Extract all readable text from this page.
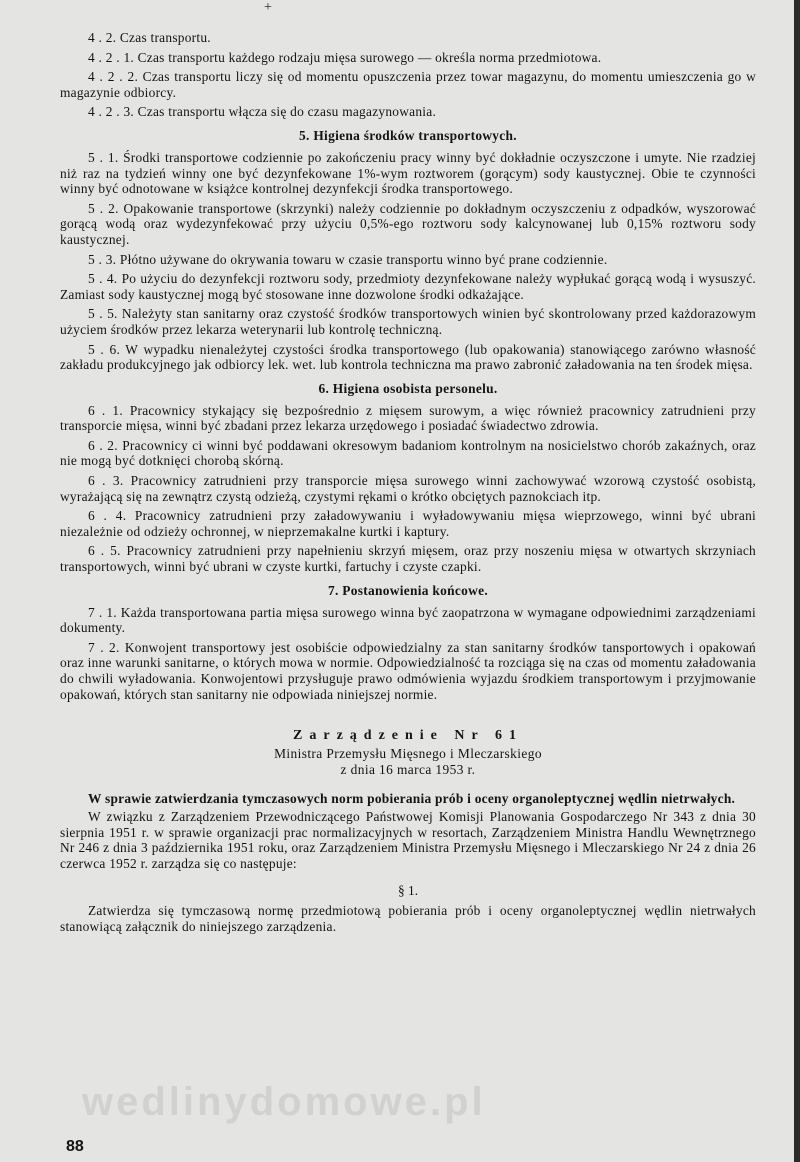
+
wedlinydomowe.pl

4 . 2. Czas transportu.

4 . 2 . 1. Czas transportu każdego rodzaju mięsa surowego — określa norma przedmiotowa.

4 . 2 . 2. Czas transportu liczy się od momentu opuszczenia przez towar magazynu, do momentu umieszczenia go w magazynie odbiorcy.

4 . 2 . 3. Czas transportu włącza się do czasu magazynowania.

5. Higiena środków transportowych.

5 . 1. Środki transportowe codziennie po zakończeniu pracy winny być dokładnie oczyszczone i umyte. Nie rzadziej niż raz na tydzień winny one być dezynfekowane 1%-wym roztworem (gorącym) sody kaustycznej. Obie te czynności winny być odnotowane w książce kontrolnej dezynfekcji środka transportowego.

5 . 2. Opakowanie transportowe (skrzynki) należy codziennie po dokładnym oczyszczeniu z odpadków, wyszorować gorącą wodą oraz wydezynfekować przy użyciu 0,5%-ego roztworu sody kalcynowanej lub 0,15% roztworu sody kaustycznej.

5 . 3. Płótno używane do okrywania towaru w czasie transportu winno być prane codziennie.

5 . 4. Po użyciu do dezynfekcji roztworu sody, przedmioty dezynfekowane należy wypłukać gorącą wodą i wysuszyć. Zamiast sody kaustycznej mogą być stosowane inne dozwolone środki odkażające.

5 . 5. Należyty stan sanitarny oraz czystość środków transportowych winien być skontrolowany przed każdorazowym użyciem środków przez lekarza weterynarii lub kontrolę techniczną.

5 . 6. W wypadku nienależytej czystości środka transportowego (lub opakowania) stanowiącego zarówno własność zakładu produkcyjnego jak odbiorcy lek. wet. lub kontrola techniczna ma prawo zabronić załadowania na ten środek mięsa.

6. Higiena osobista personelu.

6 . 1. Pracownicy stykający się bezpośrednio z mięsem surowym, a więc również pracownicy zatrudnieni przy transporcie mięsa, winni być zbadani przez lekarza urzędowego i posiadać świadectwo zdrowia.

6 . 2. Pracownicy ci winni być poddawani okresowym badaniom kontrolnym na nosicielstwo chorób zakaźnych, oraz nie mogą być dotknięci chorobą skórną.

6 . 3. Pracownicy zatrudnieni przy transporcie mięsa surowego winni zachowywać wzorową czystość osobistą, wyrażającą się na zewnątrz czystą odzieżą, czystymi rękami o krótko obciętych paznokciach itp.

6 . 4. Pracownicy zatrudnieni przy załadowywaniu i wyładowywaniu mięsa wieprzowego, winni być ubrani niezależnie od odzieży ochronnej, w nieprzemakalne kurtki i kaptury.

6 . 5. Pracownicy zatrudnieni przy napełnieniu skrzyń mięsem, oraz przy noszeniu mięsa w otwartych skrzyniach transportowych, winni być ubrani w czyste kurtki, fartuchy i czyste czapki.

7. Postanowienia końcowe.

7 . 1. Każda transportowana partia mięsa surowego winna być zaopatrzona w wymagane odpowiednimi zarządzeniami dokumenty.

7 . 2. Konwojent transportowy jest osobiście odpowiedzialny za stan sanitarny środków tansportowych i opakowań oraz inne warunki sanitarne, o których mowa w normie. Odpowiedzialność ta rozciąga się na czas od momentu załadowania do chwili wyładowania. Konwojentowi przysługuje prawo odmówienia wyjazdu środkiem transportowym i przyjmowanie opakowań, których stan sanitarny nie odpowiada niniejszej normie.

Zarządzenie Nr 61

Ministra Przemysłu Mięsnego i Mleczarskiego

z dnia 16 marca 1953 r.

W sprawie zatwierdzania tymczasowych norm pobierania prób i oceny organoleptycznej wędlin nietrwałych.

W związku z Zarządzeniem Przewodniczącego Państwowej Komisji Planowania Gospodarczego Nr 343 z dnia 30 sierpnia 1951 r. w sprawie organizacji prac normalizacyjnych w resortach, Zarządzeniem Ministra Handlu Wewnętrznego Nr 246 z dnia 3 października 1951 roku, oraz Zarządzeniem Ministra Przemysłu Mięsnego i Mleczarskiego Nr 24 z dnia 26 czerwca 1952 r. zarządza się co następuje:

§ 1.

Zatwierdza się tymczasową normę przedmiotową pobierania prób i oceny organoleptycznej wędlin nietrwałych stanowiącą załącznik do niniejszego zarządzenia.

88
